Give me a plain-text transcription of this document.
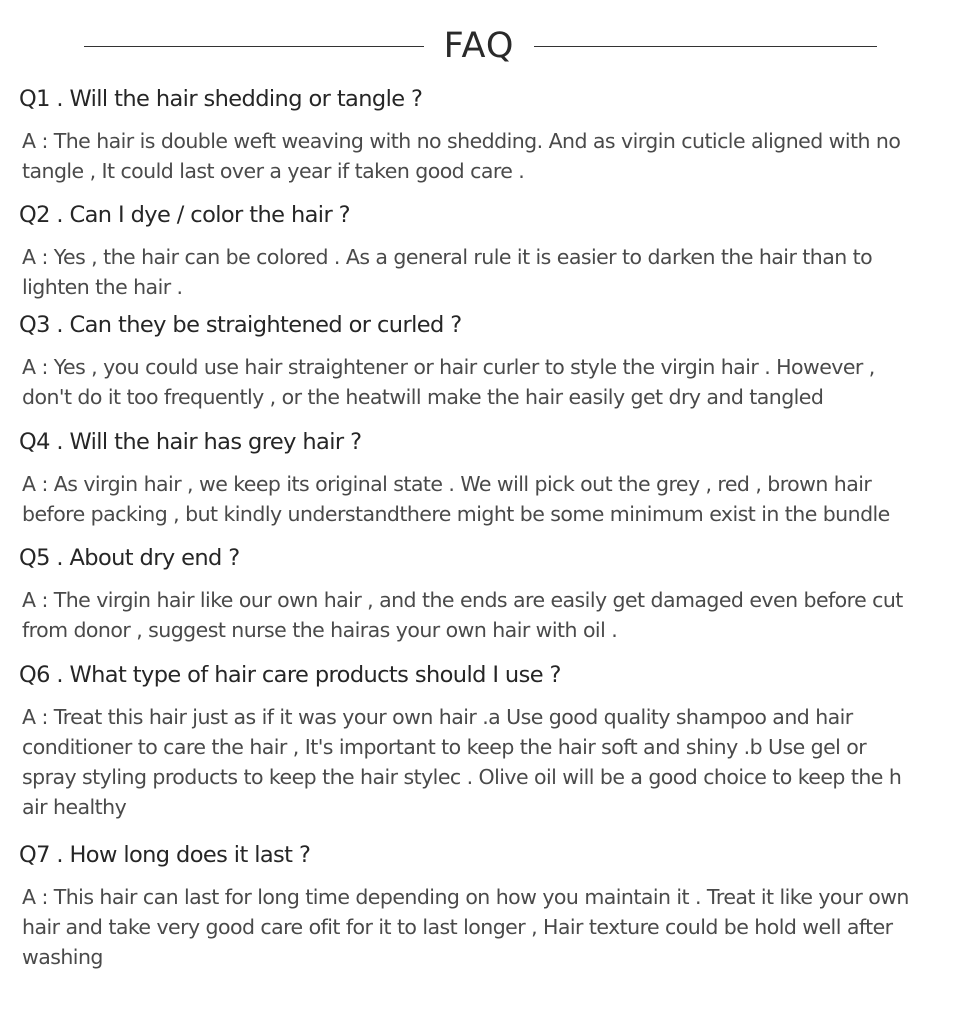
FAQ
Q1 . Will the hair shedding or tangle ?

A : The hair is double weft weaving with no shedding. And as virgin cuticle aligned with no
tangle , It could last over a year if taken good care .

Q2 . Can I dye / color the hair ?

A : Yes , the hair can be colored . As a general rule it is easier to darken the hair than to
lighten the hair .

Q3 . Can they be straightened or curled ?

A : Yes , you could use hair straightener or hair curler to style the virgin hair . However ,
don't do it too frequently , or the heatwill make the hair easily get dry and tangled

Q4 . Will the hair has grey hair ?

A : As virgin hair , we keep its original state . We will pick out the grey , red , brown hair
before packing , but kindly understandthere might be some minimum exist in the bundle

Q5 . About dry end ?

A : The virgin hair like our own hair , and the ends are easily get damaged even before cut
from donor , suggest nurse the hairas your own hair with oil .

Q6 . What type of hair care products should I use ?

A : Treat this hair just as if it was your own hair .a Use good quality shampoo and hair
conditioner to care the hair , It's important to keep the hair soft and shiny .b Use gel or
spray styling products to keep the hair stylec . Olive oil will be a good choice to keep the h
air healthy

Q7 . How long does it last ?

A : This hair can last for long time depending on how you maintain it . Treat it like your own
hair and take very good care ofit for it to last longer , Hair texture could be hold well after
washing
